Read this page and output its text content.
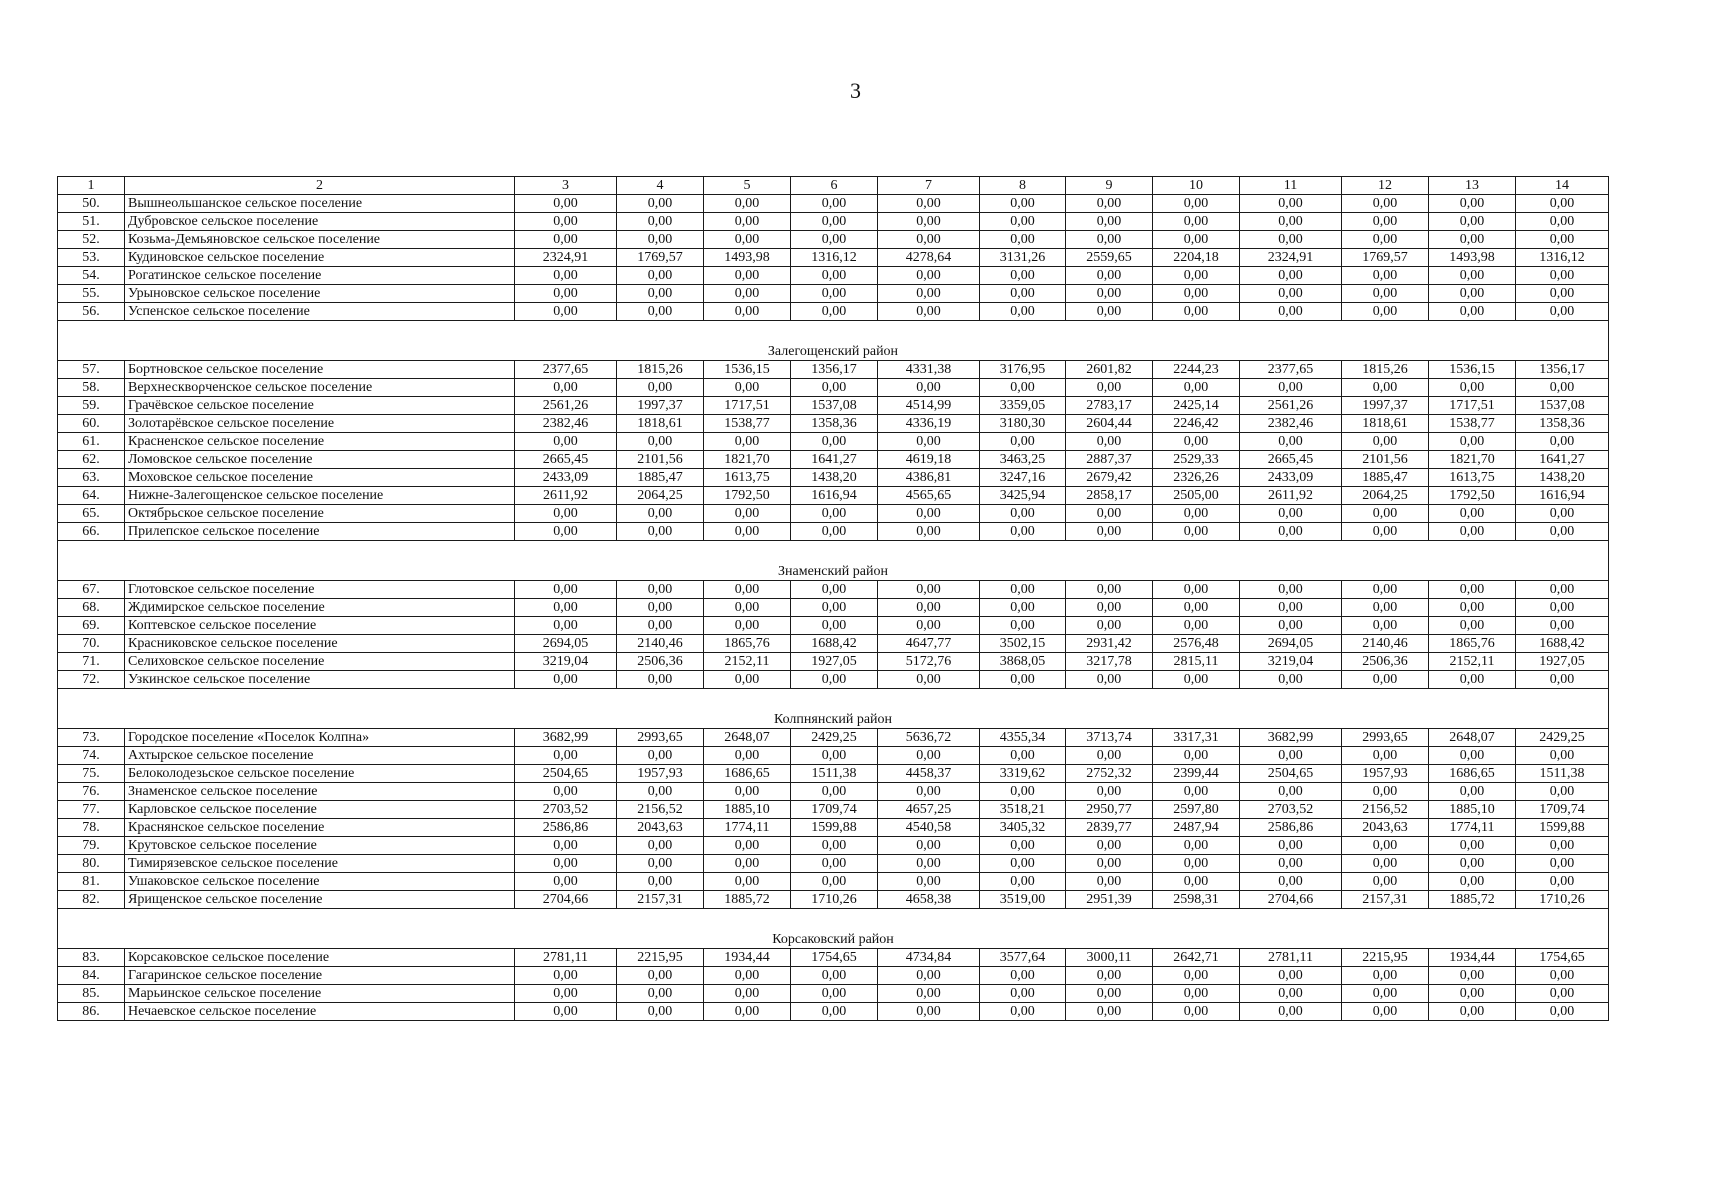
3
1	2	3	4	5	6	7	8	9	10	11	12	13	14
50.	Вышнеольшанское сельское поселение	0,00	0,00	0,00	0,00	0,00	0,00	0,00	0,00	0,00	0,00	0,00	0,00
51.	Дубровское сельское поселение	0,00	0,00	0,00	0,00	0,00	0,00	0,00	0,00	0,00	0,00	0,00	0,00
52.	Козьма-Демьяновское сельское поселение	0,00	0,00	0,00	0,00	0,00	0,00	0,00	0,00	0,00	0,00	0,00	0,00
53.	Кудиновское сельское поселение	2324,91	1769,57	1493,98	1316,12	4278,64	3131,26	2559,65	2204,18	2324,91	1769,57	1493,98	1316,12
54.	Рогатинское сельское поселение	0,00	0,00	0,00	0,00	0,00	0,00	0,00	0,00	0,00	0,00	0,00	0,00
55.	Урыновское сельское поселение	0,00	0,00	0,00	0,00	0,00	0,00	0,00	0,00	0,00	0,00	0,00	0,00
56.	Успенское сельское поселение	0,00	0,00	0,00	0,00	0,00	0,00	0,00	0,00	0,00	0,00	0,00	0,00
Залегощенский район													
57.	Бортновское сельское поселение	2377,65	1815,26	1536,15	1356,17	4331,38	3176,95	2601,82	2244,23	2377,65	1815,26	1536,15	1356,17
58.	Верхнесквορченское сельское поселение	0,00	0,00	0,00	0,00	0,00	0,00	0,00	0,00	0,00	0,00	0,00	0,00
59.	Грачёвское сельское поселение	2561,26	1997,37	1717,51	1537,08	4514,99	3359,05	2783,17	2425,14	2561,26	1997,37	1717,51	1537,08
60.	Золотарёвское сельское поселение	2382,46	1818,61	1538,77	1358,36	4336,19	3180,30	2604,44	2246,42	2382,46	1818,61	1538,77	1358,36
61.	Красненское сельское поселение	0,00	0,00	0,00	0,00	0,00	0,00	0,00	0,00	0,00	0,00	0,00	0,00
62.	Ломовское сельское поселение	2665,45	2101,56	1821,70	1641,27	4619,18	3463,25	2887,37	2529,33	2665,45	2101,56	1821,70	1641,27
63.	Моховское сельское поселение	2433,09	1885,47	1613,75	1438,20	4386,81	3247,16	2679,42	2326,26	2433,09	1885,47	1613,75	1438,20
64.	Нижне-Залегощенское сельское поселение	2611,92	2064,25	1792,50	1616,94	4565,65	3425,94	2858,17	2505,00	2611,92	2064,25	1792,50	1616,94
65.	Октябрьское сельское поселение	0,00	0,00	0,00	0,00	0,00	0,00	0,00	0,00	0,00	0,00	0,00	0,00
66.	Прилепское сельское поселение	0,00	0,00	0,00	0,00	0,00	0,00	0,00	0,00	0,00	0,00	0,00	0,00
Знаменский район													
67.	Глотовское сельское поселение	0,00	0,00	0,00	0,00	0,00	0,00	0,00	0,00	0,00	0,00	0,00	0,00
68.	Ждимирское сельское поселение	0,00	0,00	0,00	0,00	0,00	0,00	0,00	0,00	0,00	0,00	0,00	0,00
69.	Коптевское сельское поселение	0,00	0,00	0,00	0,00	0,00	0,00	0,00	0,00	0,00	0,00	0,00	0,00
70.	Красниковское сельское поселение	2694,05	2140,46	1865,76	1688,42	4647,77	3502,15	2931,42	2576,48	2694,05	2140,46	1865,76	1688,42
71.	Селиховское сельское поселение	3219,04	2506,36	2152,11	1927,05	5172,76	3868,05	3217,78	2815,11	3219,04	2506,36	2152,11	1927,05
72.	Узкинское сельское поселение	0,00	0,00	0,00	0,00	0,00	0,00	0,00	0,00	0,00	0,00	0,00	0,00
Колпнянский район													
73.	Городское поселение «Поселок Колпна»	3682,99	2993,65	2648,07	2429,25	5636,72	4355,34	3713,74	3317,31	3682,99	2993,65	2648,07	2429,25
74.	Ахтырское сельское поселение	0,00	0,00	0,00	0,00	0,00	0,00	0,00	0,00	0,00	0,00	0,00	0,00
75.	Белоколодезьское сельское поселение	2504,65	1957,93	1686,65	1511,38	4458,37	3319,62	2752,32	2399,44	2504,65	1957,93	1686,65	1511,38
76.	Знаменское сельское поселение	0,00	0,00	0,00	0,00	0,00	0,00	0,00	0,00	0,00	0,00	0,00	0,00
77.	Карловское сельское поселение	2703,52	2156,52	1885,10	1709,74	4657,25	3518,21	2950,77	2597,80	2703,52	2156,52	1885,10	1709,74
78.	Краснянское сельское поселение	2586,86	2043,63	1774,11	1599,88	4540,58	3405,32	2839,77	2487,94	2586,86	2043,63	1774,11	1599,88
79.	Крутовское сельское поселение	0,00	0,00	0,00	0,00	0,00	0,00	0,00	0,00	0,00	0,00	0,00	0,00
80.	Тимирязевское сельское поселение	0,00	0,00	0,00	0,00	0,00	0,00	0,00	0,00	0,00	0,00	0,00	0,00
81.	Ушаковское сельское поселение	0,00	0,00	0,00	0,00	0,00	0,00	0,00	0,00	0,00	0,00	0,00	0,00
82.	Ярищенское сельское поселение	2704,66	2157,31	1885,72	1710,26	4658,38	3519,00	2951,39	2598,31	2704,66	2157,31	1885,72	1710,26
Корсаковский район													
83.	Корсаковское сельское поселение	2781,11	2215,95	1934,44	1754,65	4734,84	3577,64	3000,11	2642,71	2781,11	2215,95	1934,44	1754,65
84.	Гагаринское сельское поселение	0,00	0,00	0,00	0,00	0,00	0,00	0,00	0,00	0,00	0,00	0,00	0,00
85.	Марьинское сельское поселение	0,00	0,00	0,00	0,00	0,00	0,00	0,00	0,00	0,00	0,00	0,00	0,00
86.	Нечаевское сельское поселение	0,00	0,00	0,00	0,00	0,00	0,00	0,00	0,00	0,00	0,00	0,00	0,00
